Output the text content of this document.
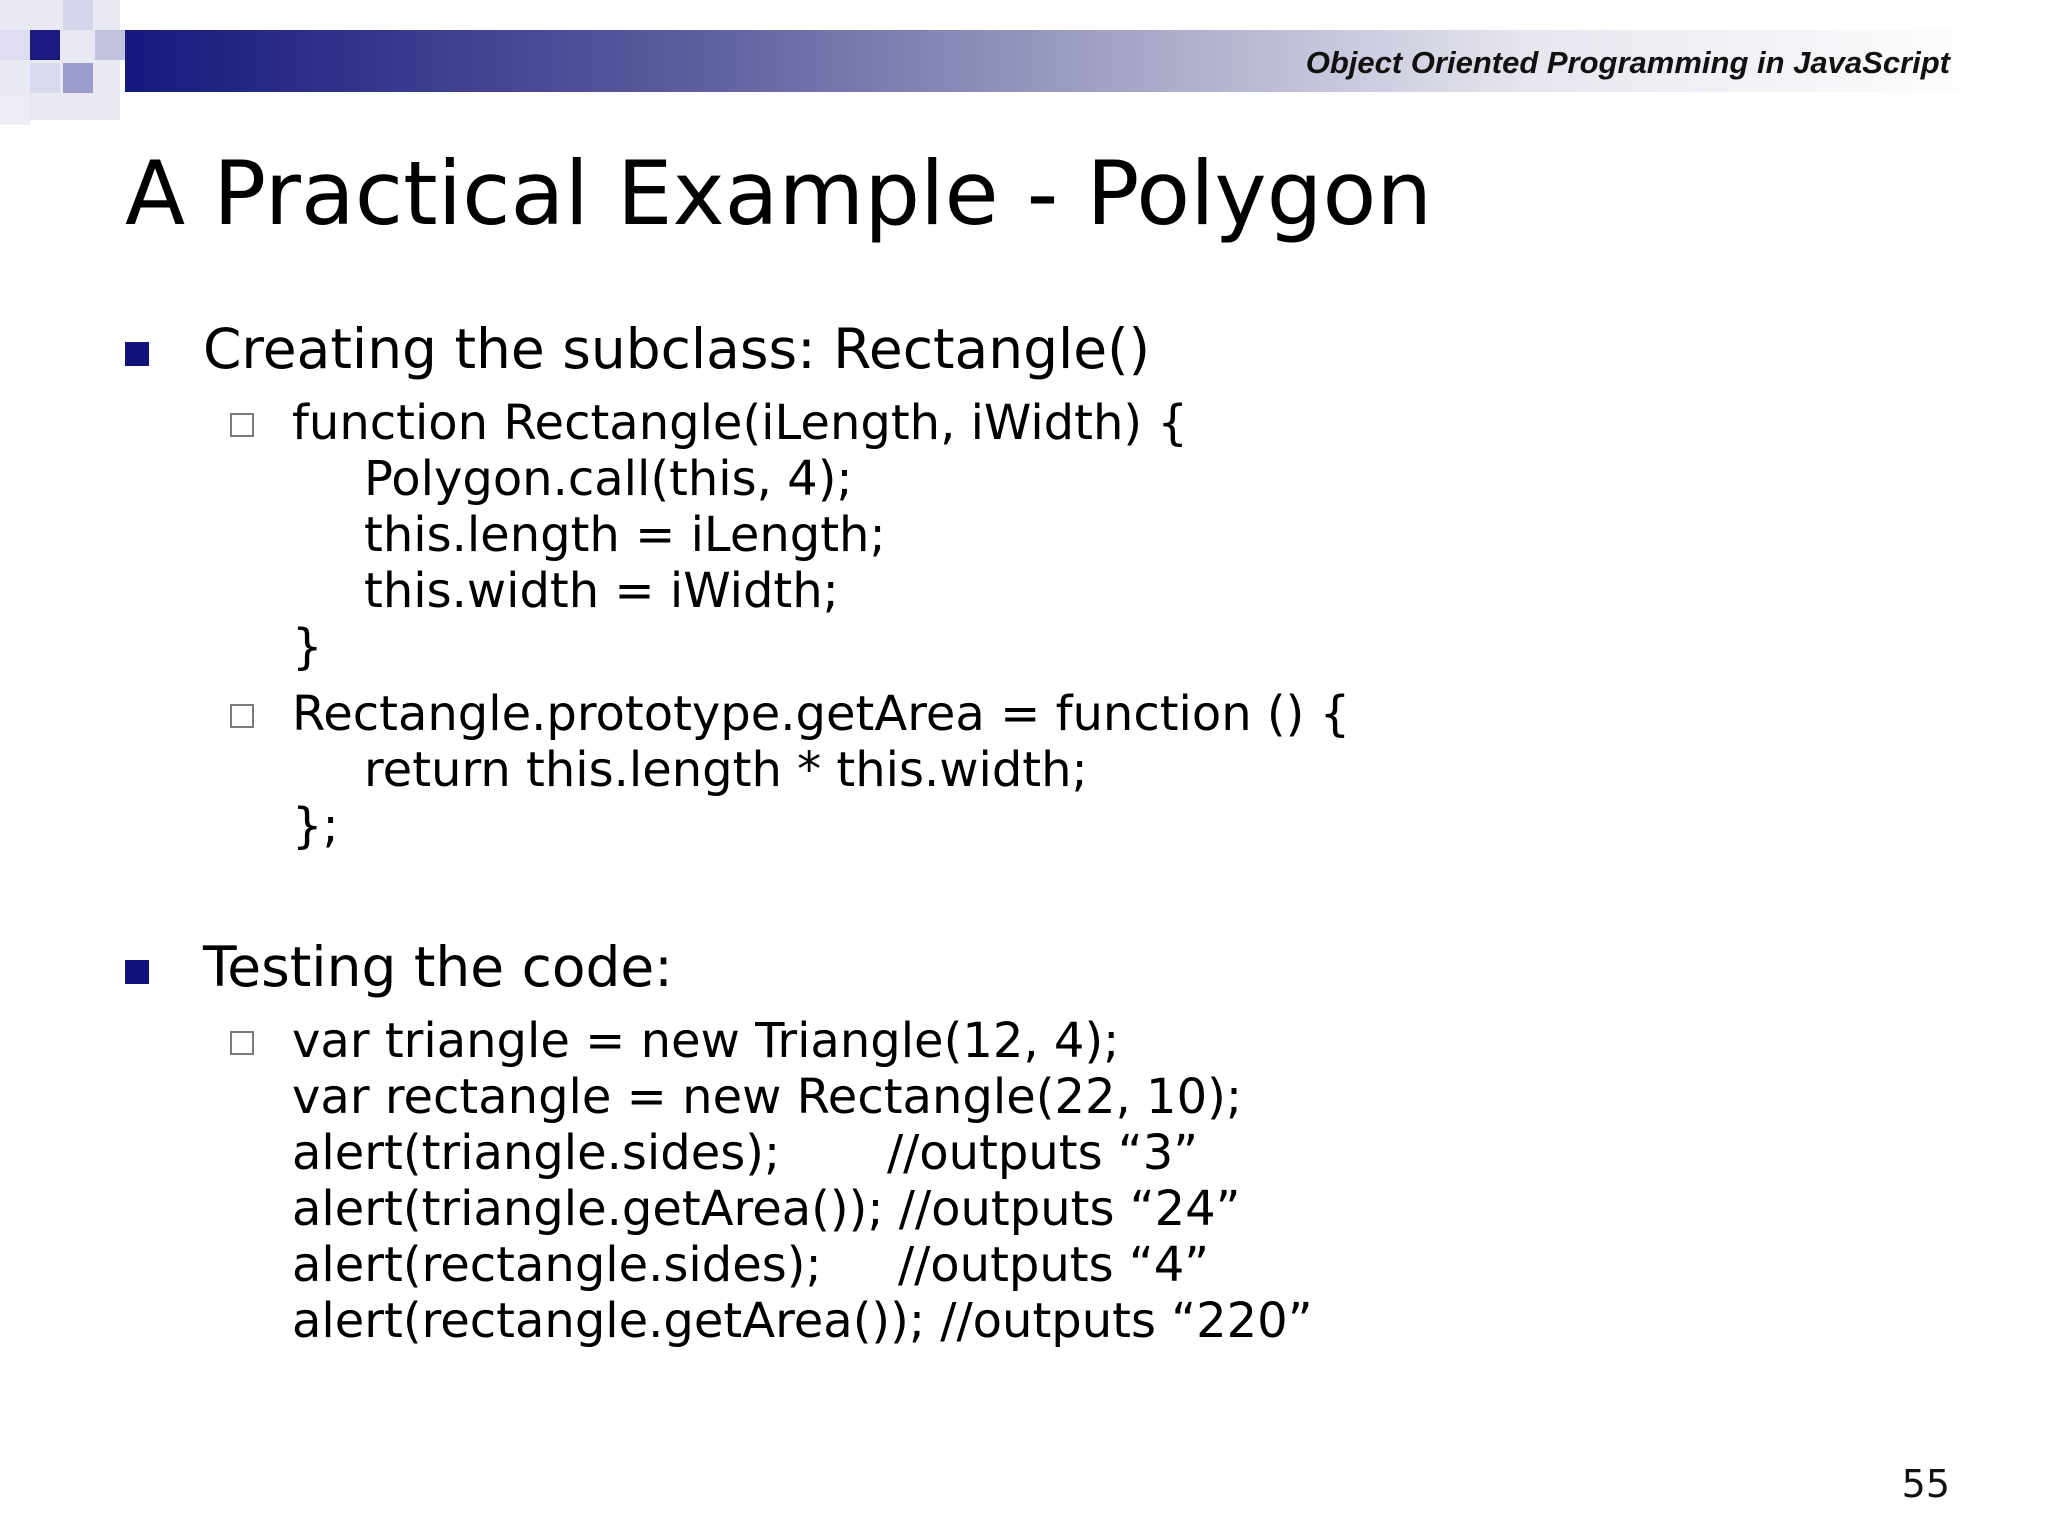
Object Oriented Programming in JavaScript
A Practical Example - Polygon
Creating the subclass: Rectangle()
function Rectangle(iLength, iWidth) {
Polygon.call(this, 4);
this.length = iLength;
this.width = iWidth;
}
Rectangle.prototype.getArea = function () {
return this.length * this.width;
};
Testing the code:
var triangle = new Triangle(12, 4);
var rectangle = new Rectangle(22, 10);
alert(triangle.sides);       //outputs “3”
alert(triangle.getArea()); //outputs “24”
alert(rectangle.sides);     //outputs “4”
alert(rectangle.getArea()); //outputs “220”
55
